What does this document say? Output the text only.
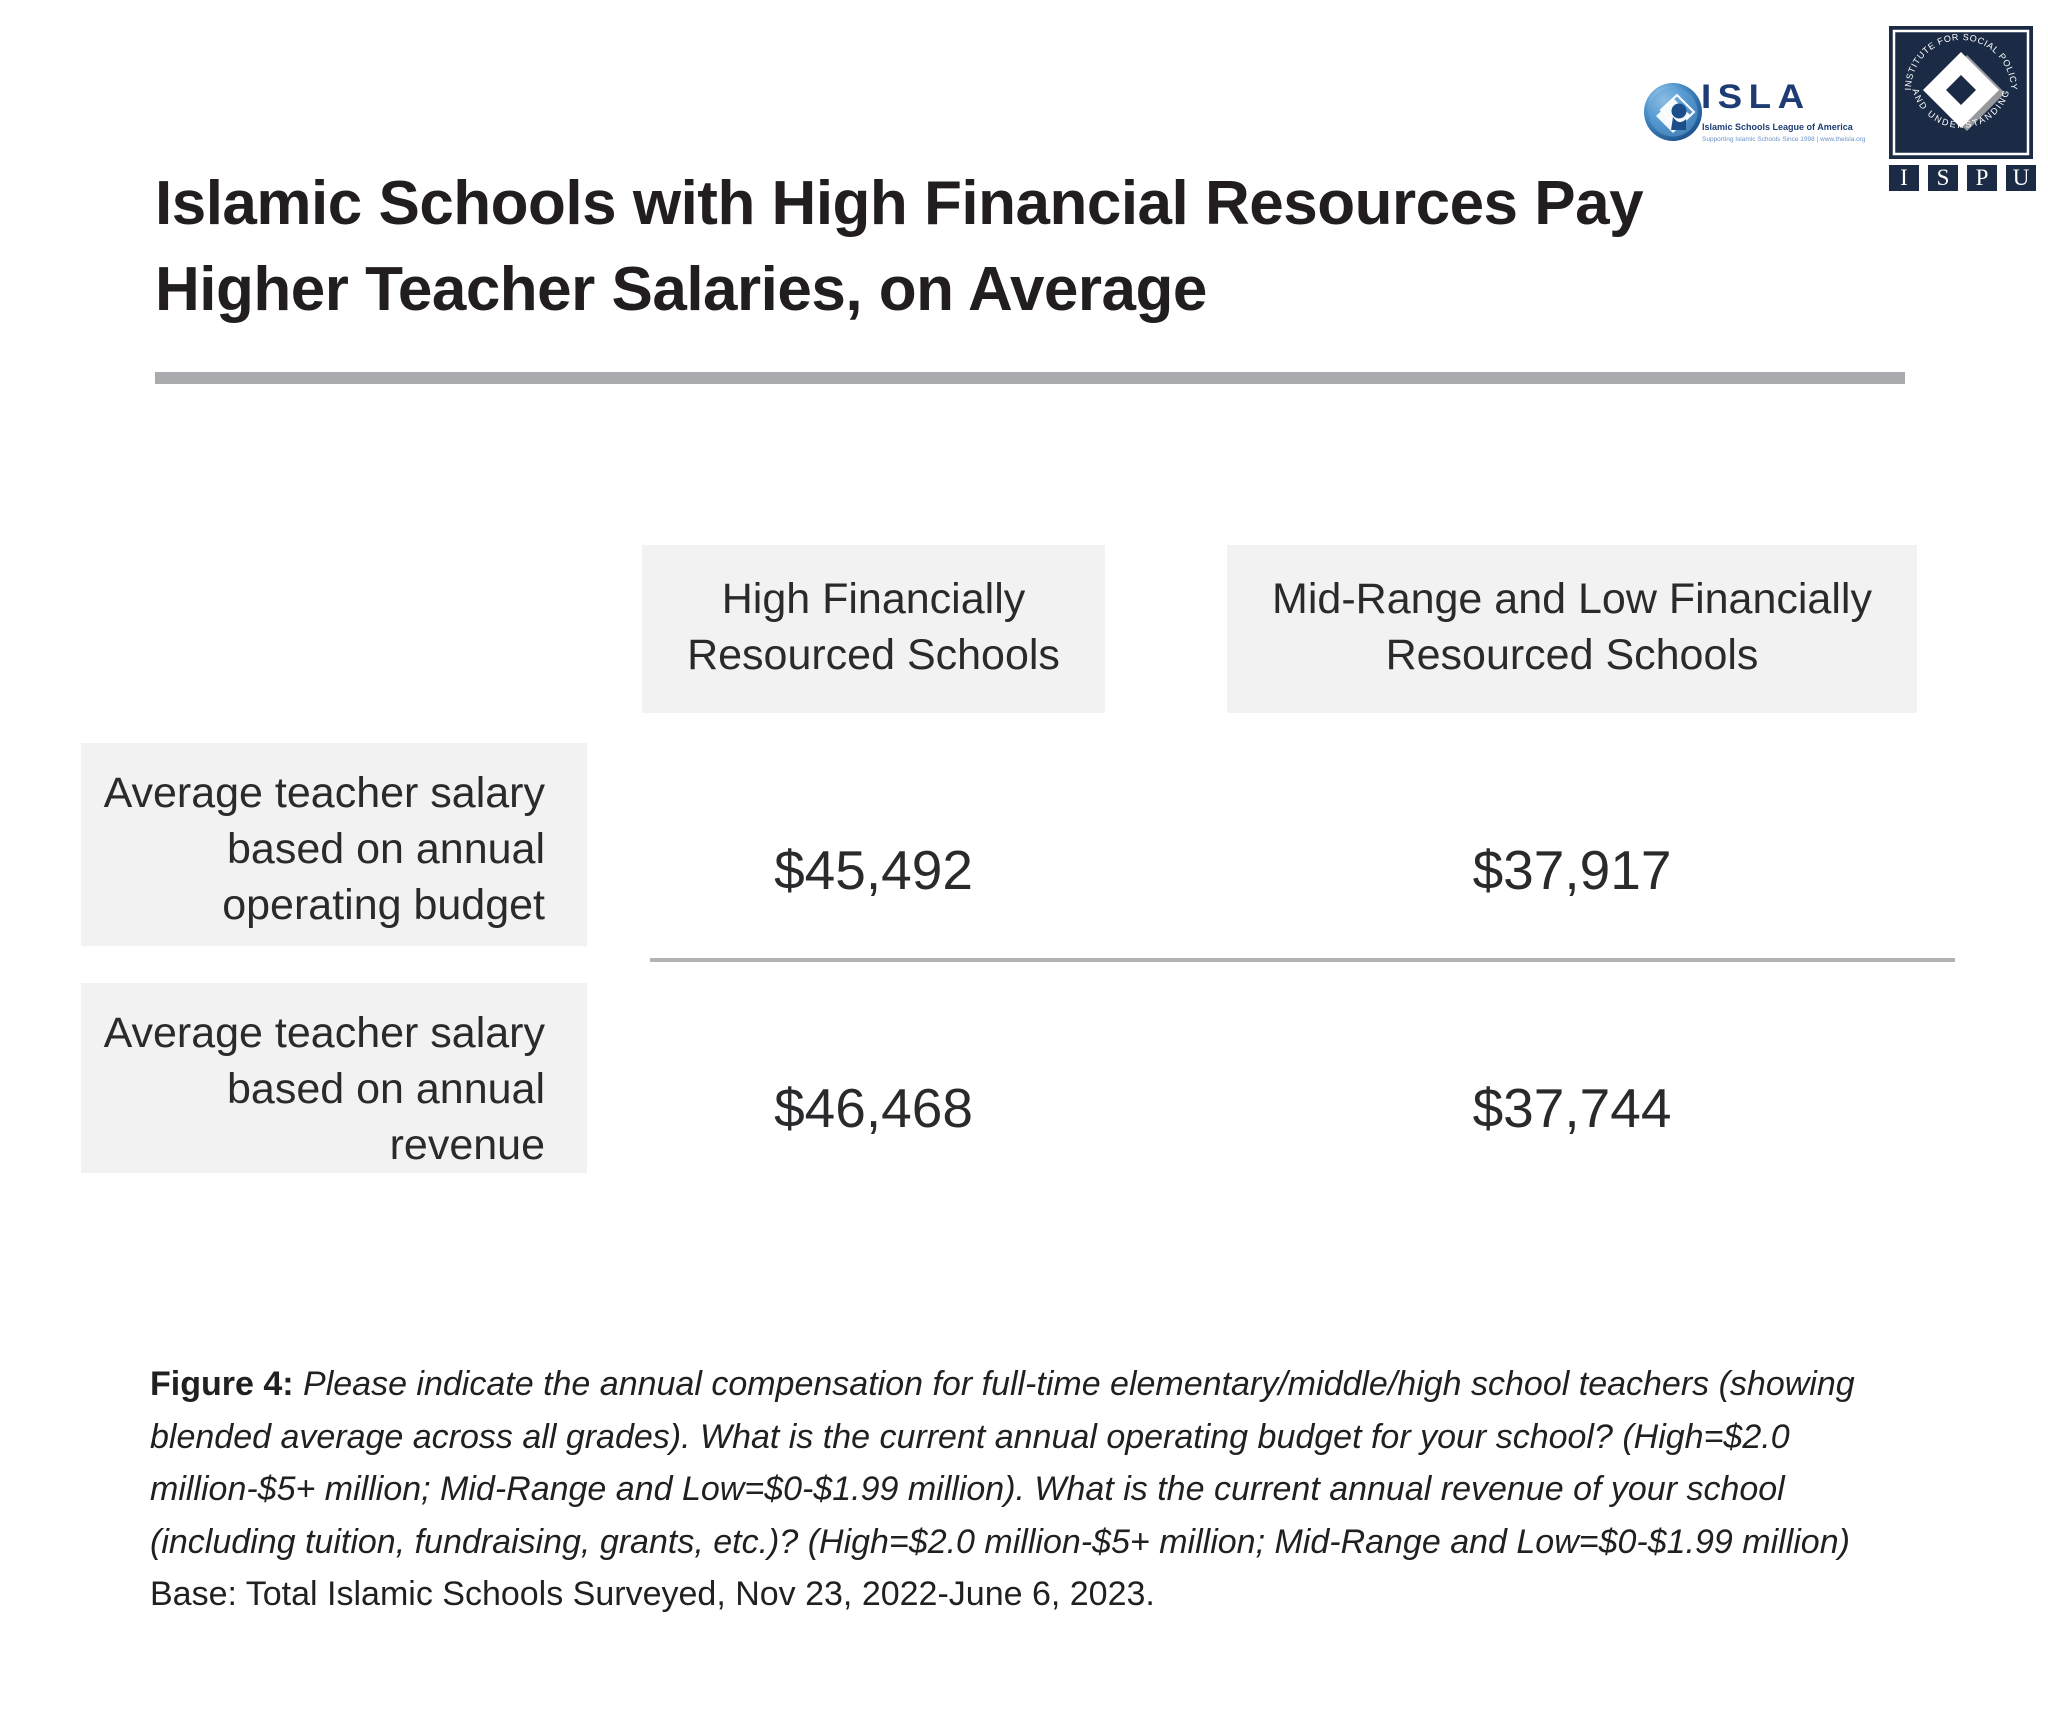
ISLA
Islamic Schools League of America
Supporting Islamic Schools Since 1998 | www.theisla.org
INSTITUTE FOR SOCIAL POLICY
AND UNDERSTANDING
I S P U
Islamic Schools with High Financial Resources Pay
Higher Teacher Salaries, on Average
High Financially Resourced Schools
Mid-Range and Low Financially Resourced Schools
Average teacher salary
based on annual
operating budget
Average teacher salary
based on annual
revenue
$45,492	$37,917
$46,468	$37,744

Figure 4: Please indicate the annual compensation for full-time elementary/middle/high school teachers (showing blended average across all grades). What is the current annual operating budget for your school? (High=$2.0 million-$5+ million; Mid-Range and Low=$0-$1.99 million). What is the current annual revenue of your school (including tuition, fundraising, grants, etc.)? (High=$2.0 million-$5+ million; Mid-Range and Low=$0-$1.99 million) Base: Total Islamic Schools Surveyed, Nov 23, 2022-June 6, 2023.
